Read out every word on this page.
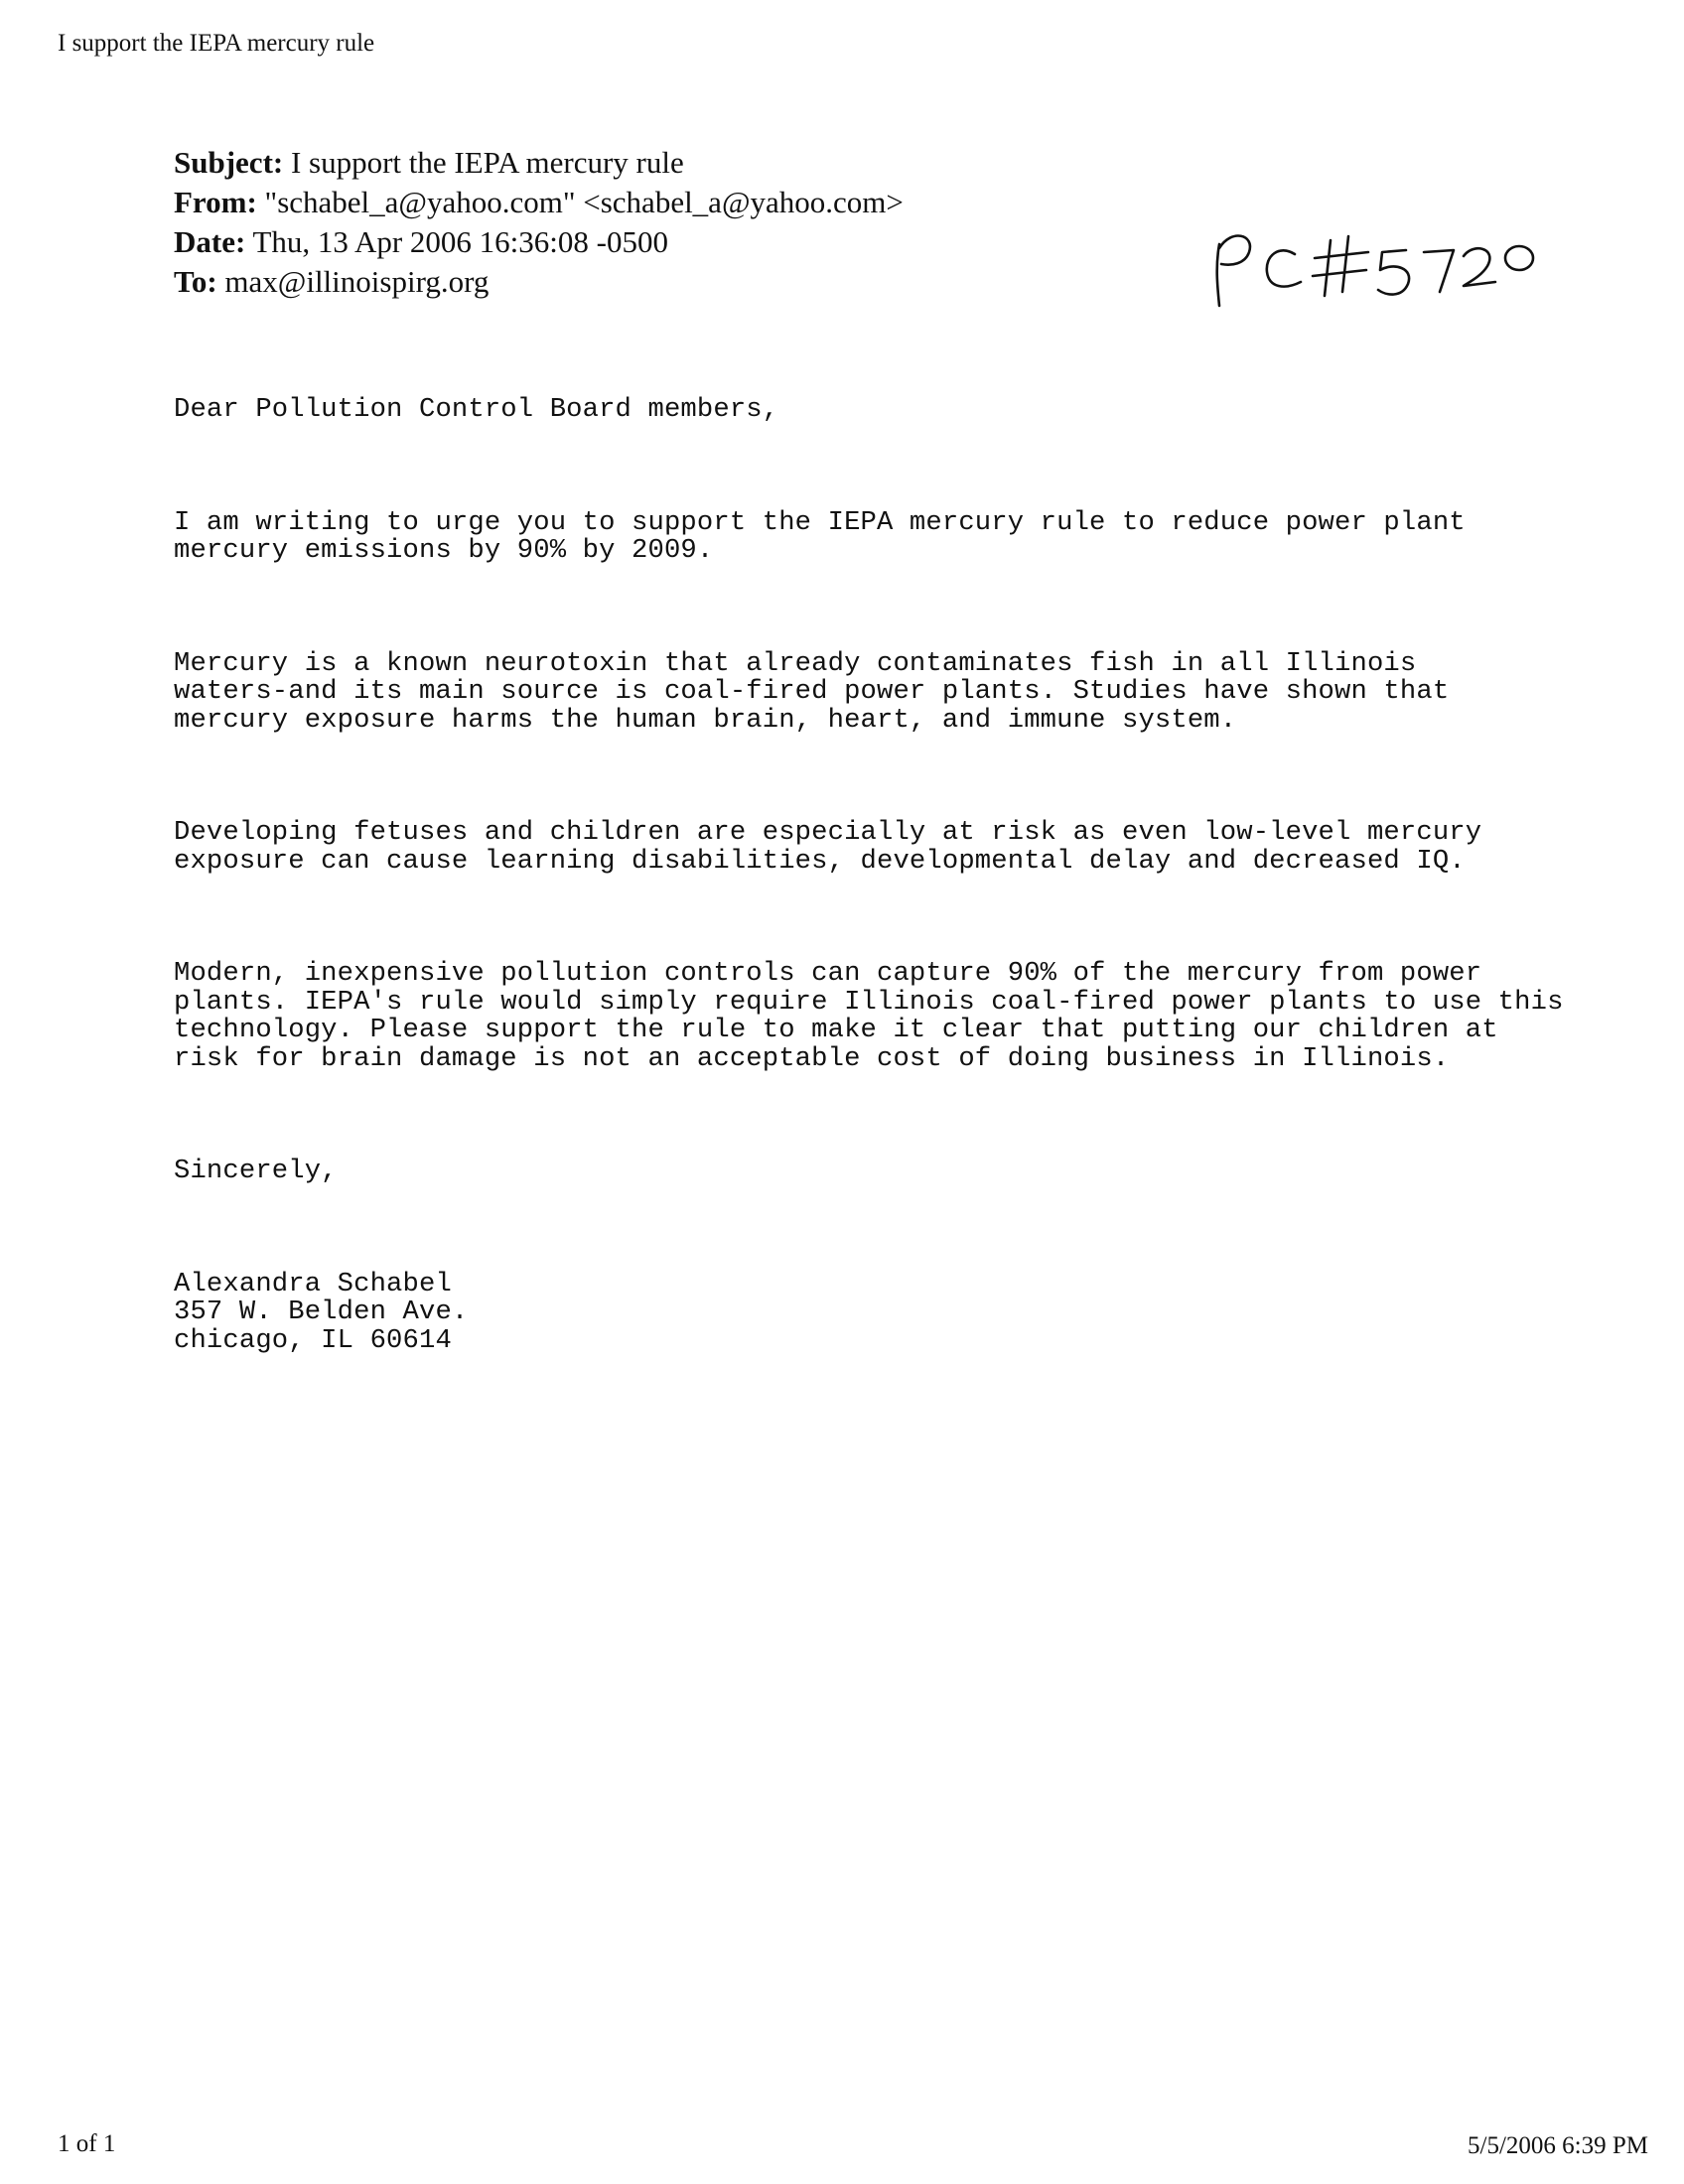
I support the IEPA mercury rule
Subject: I support the IEPA mercury rule
From: "schabel_a@yahoo.com" <schabel_a@yahoo.com>
Date: Thu, 13 Apr 2006 16:36:08 -0500
To: max@illinoispirg.org

Dear Pollution Control Board members,

I am writing to urge you to support the IEPA mercury rule to reduce power plant
mercury emissions by 90% by 2009.

Mercury is a known neurotoxin that already contaminates fish in all Illinois
waters-and its main source is coal-fired power plants. Studies have shown that
mercury exposure harms the human brain, heart, and immune system.

Developing fetuses and children are especially at risk as even low-level mercury
exposure can cause learning disabilities, developmental delay and decreased IQ.

Modern, inexpensive pollution controls can capture 90% of the mercury from power
plants. IEPA's rule would simply require Illinois coal-fired power plants to use this
technology. Please support the rule to make it clear that putting our children at
risk for brain damage is not an acceptable cost of doing business in Illinois.

Sincerely,

Alexandra Schabel
357 W. Belden Ave.
chicago, IL 60614

1 of 1	5/5/2006 6:39 PM
